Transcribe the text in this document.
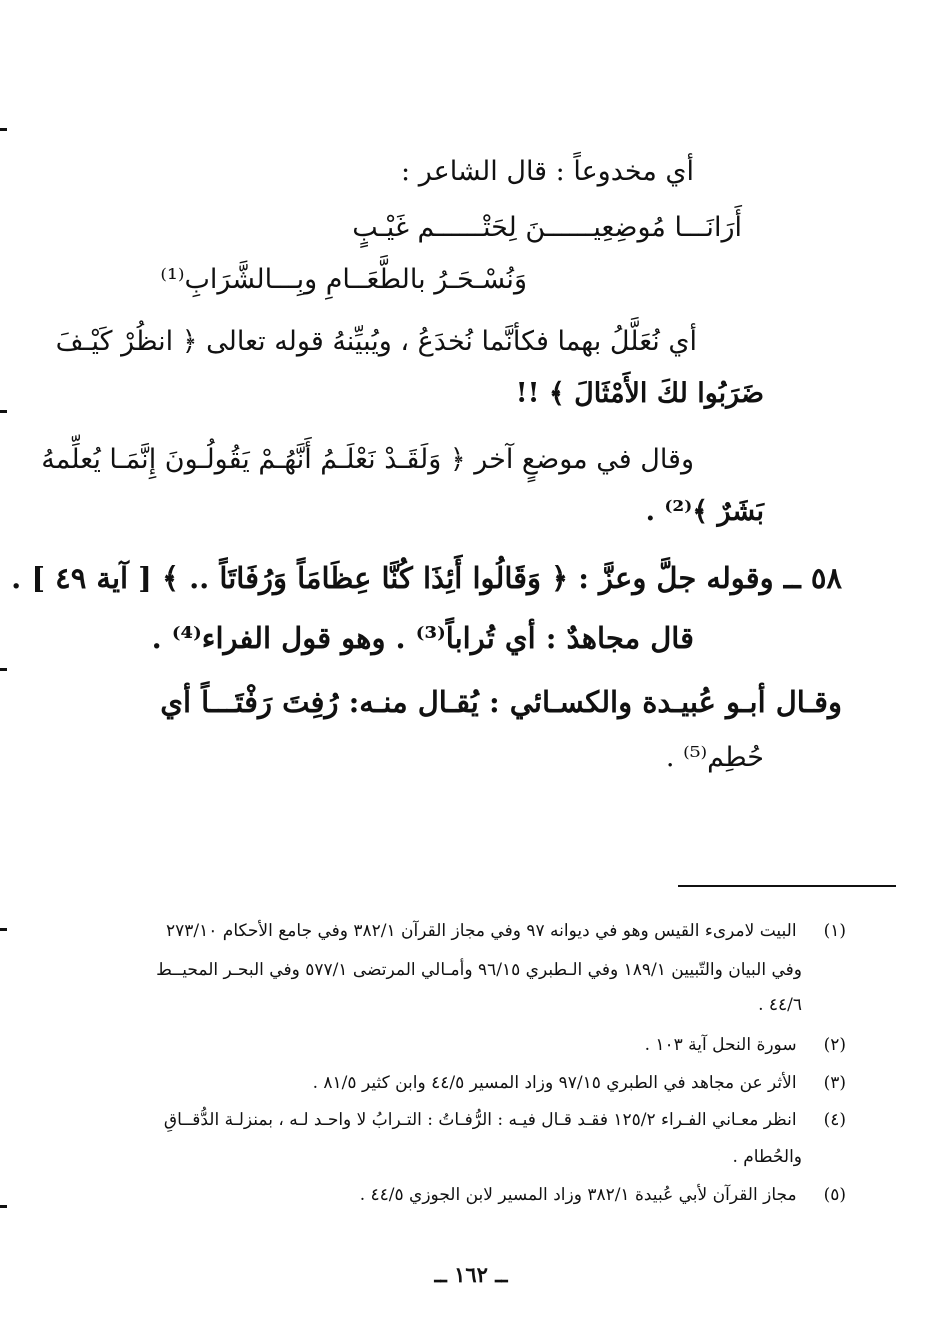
أي مخدوعاً : قال الشاعر :
أَرَانَـــا مُوضِعِيــــــنَ لِحَتْــــــم غَيْـبٍ
وَنُسْـحَـرُ بالطَّعَــامِ وبِـــالشَّرَابِ⁽¹⁾
أي نُعَلَّلُ بهما فكأنَّما نُخدَعُ ، ويُبيِّنهُ قوله تعالى ﴿ انظُرْ كَيْـفَ
ضَرَبُوا لكَ الأَمْثَالَ ﴾ !!
وقال في موضعٍ آخر ﴿ وَلَقَـدْ نَعْلَـمُ أَنَّهُـمْ يَقُولُـونَ إِنَّمَـا يُعلِّمهُ
بَشَرٌ ﴾⁽²⁾ .
٥٨ ــ وقوله جلَّ وعزَّ : ﴿ وَقَالُوا أَئِذَا كُنَّا عِظَامَاً وَرُفَاتَاً .. ﴾ [ آية ٤٩ ] .
قال مجاهدٌ : أي تُراباً⁽³⁾ . وهو قول الفراء⁽⁴⁾ .
وقـال أبـو عُبيـدة والكسـائي : يُقـال منـه: رُفِتَ رَفْتَـــاً أي
حُطِم⁽⁵⁾ .
(١) البيت لامرىء القيس وهو في ديوانه ٩٧ وفي مجاز القرآن ٣٨٢/١ وفي جامع الأحكام ٢٧٣/١٠
وفي البيان والتّبيين ١٨٩/١ وفي الـطبري ٩٦/١٥ وأمـالي المرتضى ٥٧٧/١ وفي البحـر المحيــط
٤٤/٦ .
(٢) سورة النحل آية ١٠٣ .
(٣) الأثر عن مجاهد في الطبري ٩٧/١٥ وزاد المسير ٤٤/٥ وابن كثير ٨١/٥ .
(٤) انظر معـاني الفـراء ١٢٥/٢ فقـد قـال فيـه : الرُّفـاتُ : التـرابُ لا واحـد لـه ، بمنزلـة الدُّقــاقِ
والحُطام .
(٥) مجاز القرآن لأبي عُبيدة ٣٨٢/١ وزاد المسير لابن الجوزي ٤٤/٥ .
ــ ١٦٢ ــ
